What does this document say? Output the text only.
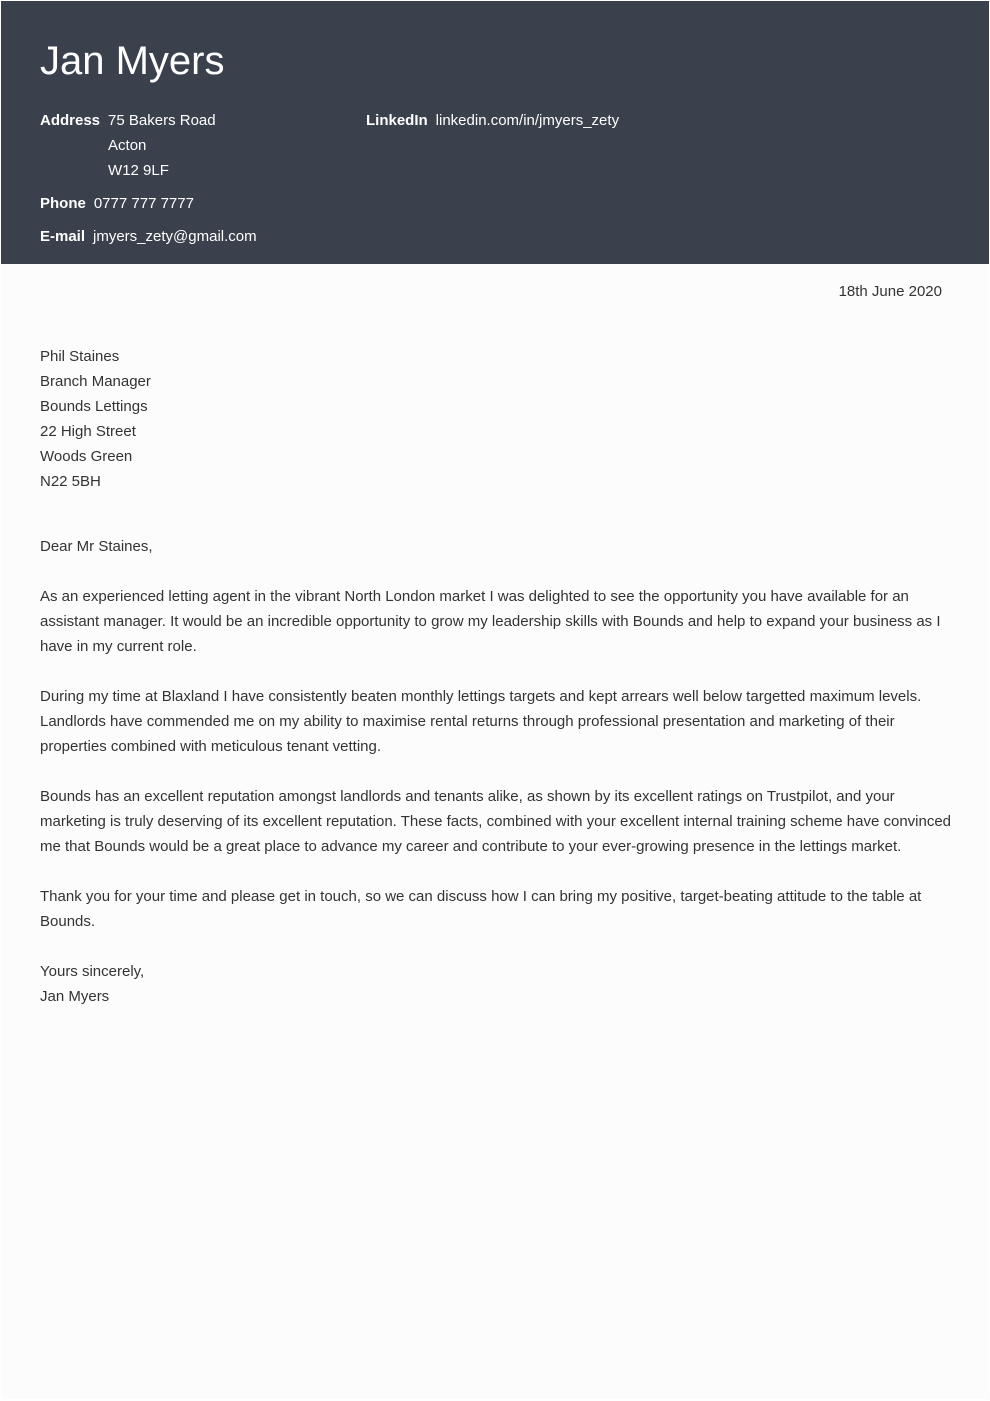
Jan Myers
Address 75 Bakers Road
Acton
W12 9LF
Phone 0777 777 7777
E-mail jmyers_zety@gmail.com
LinkedIn linkedin.com/in/jmyers_zety
18th June 2020
Phil Staines
Branch Manager
Bounds Lettings
22 High Street
Woods Green
N22 5BH

Dear Mr Staines,

As an experienced letting agent in the vibrant North London market I was delighted to see the opportunity you have available for an assistant manager. It would be an incredible opportunity to grow my leadership skills with Bounds and help to expand your business as I have in my current role.

During my time at Blaxland I have consistently beaten monthly lettings targets and kept arrears well below targetted maximum levels. Landlords have commended me on my ability to maximise rental returns through professional presentation and marketing of their properties combined with meticulous tenant vetting.

Bounds has an excellent reputation amongst landlords and tenants alike, as shown by its excellent ratings on Trustpilot, and your marketing is truly deserving of its excellent reputation. These facts, combined with your excellent internal training scheme have convinced me that Bounds would be a great place to advance my career and contribute to your ever-growing presence in the lettings market.

Thank you for your time and please get in touch, so we can discuss how I can bring my positive, target-beating attitude to the table at Bounds.

Yours sincerely,
Jan Myers
